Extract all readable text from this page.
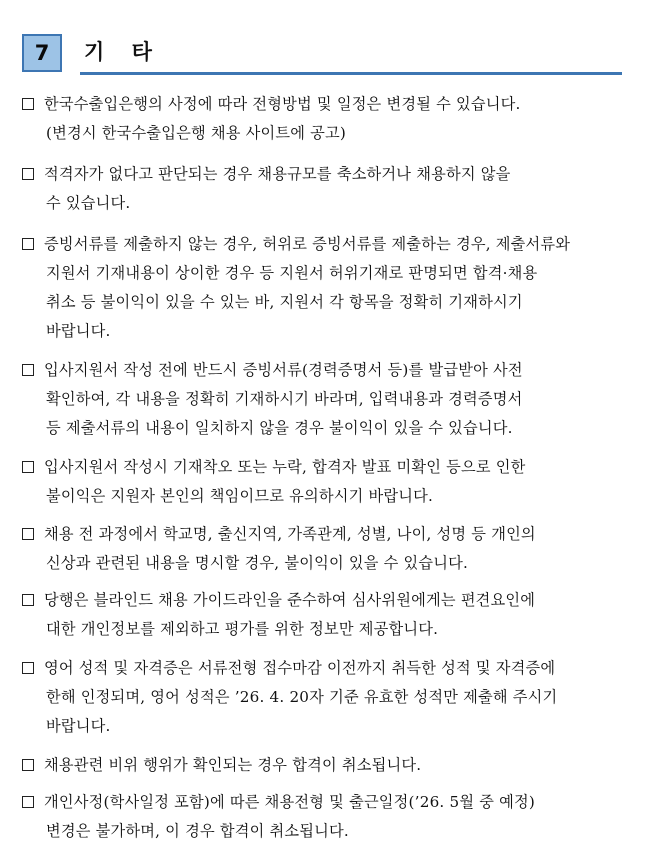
7	기 타
한국수출입은행의 사정에 따라 전형방법 및 일정은 변경될 수 있습니다.
(변경시 한국수출입은행 채용 사이트에 공고)
적격자가 없다고 판단되는 경우 채용규모를 축소하거나 채용하지 않을
수 있습니다.
증빙서류를 제출하지 않는 경우, 허위로 증빙서류를 제출하는 경우, 제출서류와
지원서 기재내용이 상이한 경우 등 지원서 허위기재로 판명되면 합격·채용
취소 등 불이익이 있을 수 있는 바, 지원서 각 항목을 정확히 기재하시기
바랍니다.
입사지원서 작성 전에 반드시 증빙서류(경력증명서 등)를 발급받아 사전
확인하여, 각 내용을 정확히 기재하시기 바라며, 입력내용과 경력증명서
등 제출서류의 내용이 일치하지 않을 경우 불이익이 있을 수 있습니다.
입사지원서 작성시 기재착오 또는 누락, 합격자 발표 미확인 등으로 인한
불이익은 지원자 본인의 책임이므로 유의하시기 바랍니다.
채용 전 과정에서 학교명, 출신지역, 가족관계, 성별, 나이, 성명 등 개인의
신상과 관련된 내용을 명시할 경우, 불이익이 있을 수 있습니다.
당행은 블라인드 채용 가이드라인을 준수하여 심사위원에게는 편견요인에
대한 개인정보를 제외하고 평가를 위한 정보만 제공합니다.
영어 성적 및 자격증은 서류전형 접수마감 이전까지 취득한 성적 및 자격증에
한해 인정되며, 영어 성적은 ’26. 4. 20자 기준 유효한 성적만 제출해 주시기
바랍니다.
채용관련 비위 행위가 확인되는 경우 합격이 취소됩니다.
개인사정(학사일정 포함)에 따른 채용전형 및 출근일정(’26. 5월 중 예정)
변경은 불가하며, 이 경우 합격이 취소됩니다.
